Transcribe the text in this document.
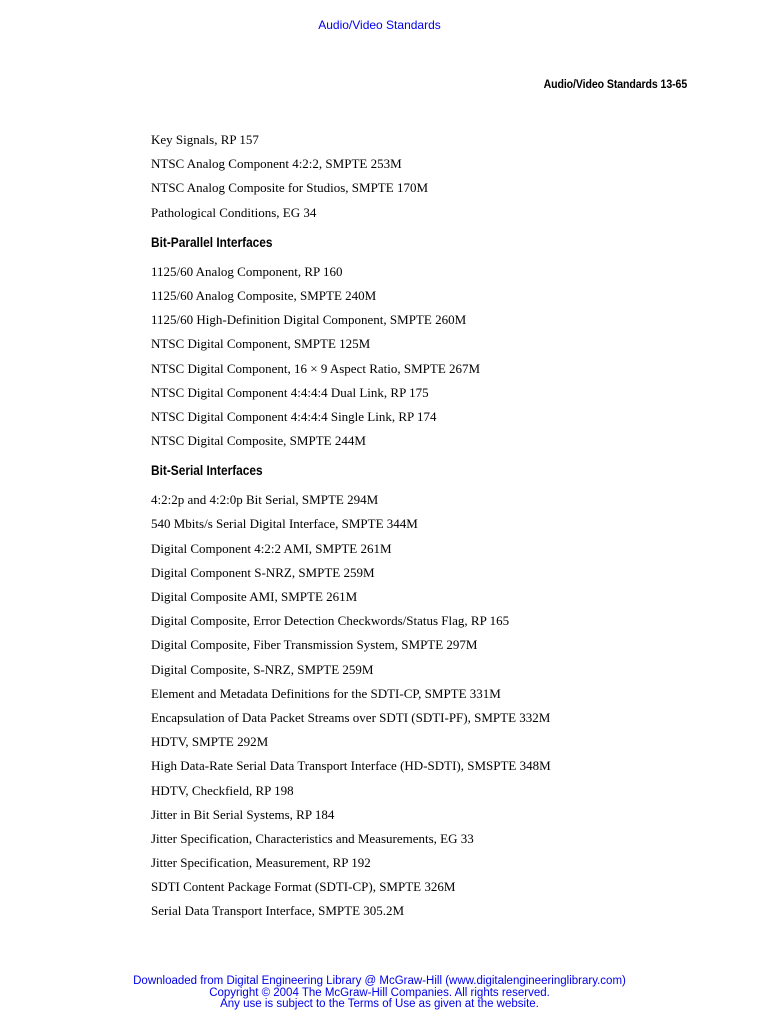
Audio/Video Standards
Audio/Video Standards 13-65
Key Signals, RP 157
NTSC Analog Component 4:2:2, SMPTE 253M
NTSC Analog Composite for Studios, SMPTE 170M
Pathological Conditions, EG 34
Bit-Parallel Interfaces
1125/60 Analog Component, RP 160
1125/60 Analog Composite, SMPTE 240M
1125/60 High-Definition Digital Component, SMPTE 260M
NTSC Digital Component, SMPTE 125M
NTSC Digital Component, 16 × 9 Aspect Ratio, SMPTE 267M
NTSC Digital Component 4:4:4:4 Dual Link, RP 175
NTSC Digital Component 4:4:4:4 Single Link, RP 174
NTSC Digital Composite, SMPTE 244M
Bit-Serial Interfaces
4:2:2p and 4:2:0p Bit Serial, SMPTE 294M
540 Mbits/s Serial Digital Interface, SMPTE 344M
Digital Component 4:2:2 AMI, SMPTE 261M
Digital Component S-NRZ, SMPTE 259M
Digital Composite AMI, SMPTE 261M
Digital Composite, Error Detection Checkwords/Status Flag, RP 165
Digital Composite, Fiber Transmission System, SMPTE 297M
Digital Composite, S-NRZ, SMPTE 259M
Element and Metadata Definitions for the SDTI-CP, SMPTE 331M
Encapsulation of Data Packet Streams over SDTI (SDTI-PF), SMPTE 332M
HDTV, SMPTE 292M
High Data-Rate Serial Data Transport Interface (HD-SDTI), SMSPTE 348M
HDTV, Checkfield, RP 198
Jitter in Bit Serial Systems, RP 184
Jitter Specification, Characteristics and Measurements, EG 33
Jitter Specification, Measurement, RP 192
SDTI Content Package Format (SDTI-CP), SMPTE 326M
Serial Data Transport Interface, SMPTE 305.2M
Downloaded from Digital Engineering Library @ McGraw-Hill (www.digitalengineeringlibrary.com)
Copyright © 2004 The McGraw-Hill Companies. All rights reserved.
Any use is subject to the Terms of Use as given at the website.
